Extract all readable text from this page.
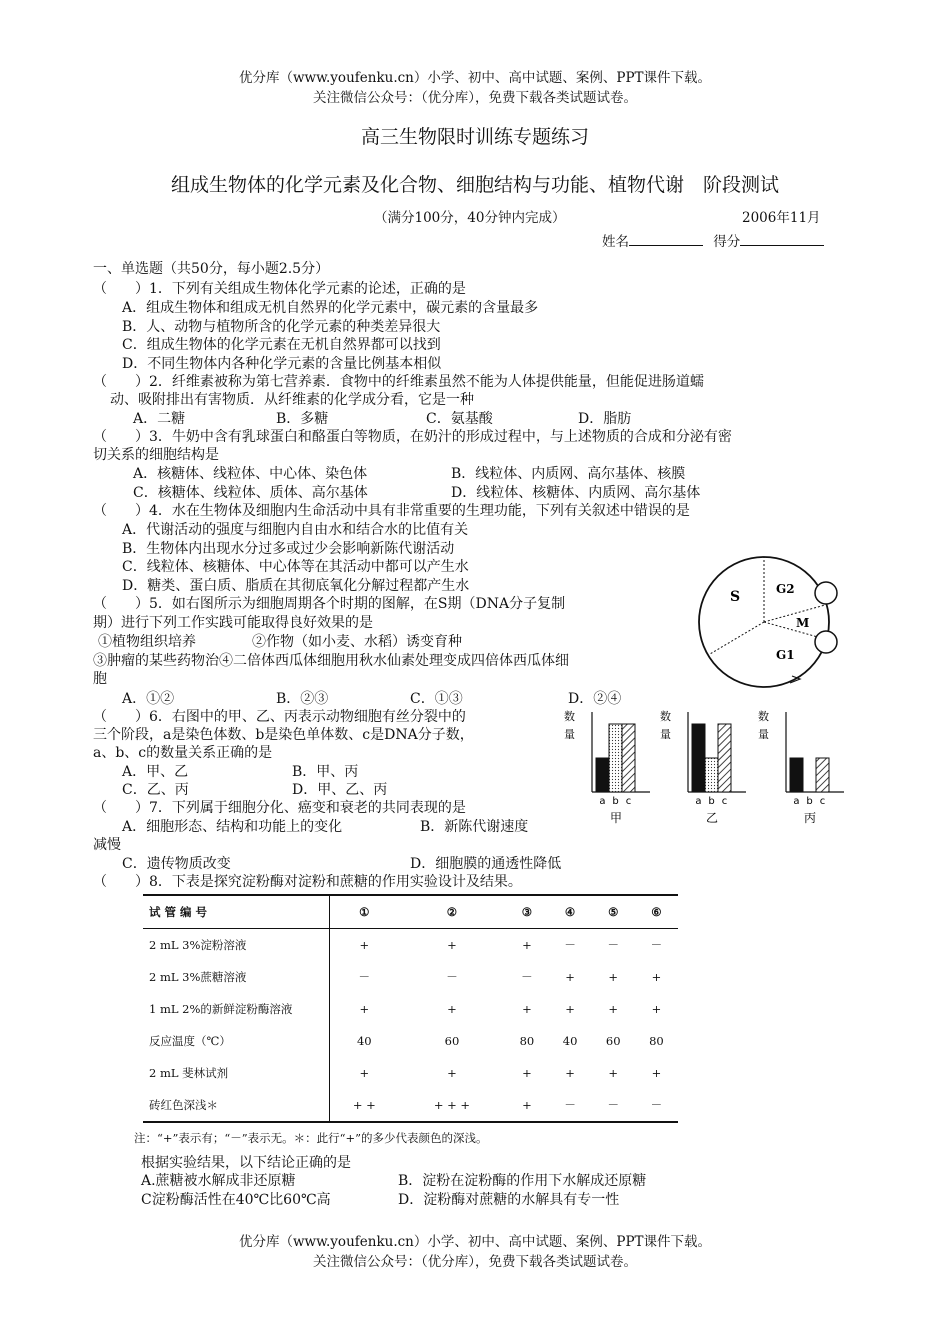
优分库（www.youfenku.cn）小学、初中、高中试题、案例、PPT课件下载。
关注微信公众号：（优分库），免费下载各类试题试卷。
高三生物限时训练专题练习
组成生物体的化学元素及化合物、细胞结构与功能、植物代谢　阶段测试
（满分100分，40分钟内完成）	2006年11月
姓名	得分
一、单选题（共50分，每小题2.5分）
（　　）1．下列有关组成生物体化学元素的论述，正确的是
A．组成生物体和组成无机自然界的化学元素中，碳元素的含量最多
B．人、动物与植物所含的化学元素的种类差异很大
C．组成生物体的化学元素在无机自然界都可以找到
D．不同生物体内各种化学元素的含量比例基本相似
（　　）2．纤维素被称为第七营养素．食物中的纤维素虽然不能为人体提供能量，但能促进肠道蠕
动、吸附排出有害物质．从纤维素的化学成分看，它是一种
A．二糖	B．多糖	C．氨基酸	D．脂肪
（　　）3．牛奶中含有乳球蛋白和酪蛋白等物质，在奶汁的形成过程中，与上述物质的合成和分泌有密
切关系的细胞结构是
A．核糖体、线粒体、中心体、染色体	B．线粒体、内质网、高尔基体、核膜
C．核糖体、线粒体、质体、高尔基体	D．线粒体、核糖体、内质网、高尔基体
（　　）4．水在生物体及细胞内生命活动中具有非常重要的生理功能，下列有关叙述中错误的是
A．代谢活动的强度与细胞内自由水和结合水的比值有关
B．生物体内出现水分过多或过少会影响新陈代谢活动
C．线粒体、核糖体、中心体等在其活动中都可以产生水
D．糖类、蛋白质、脂质在其彻底氧化分解过程都产生水
S	G2
M
G1
（　　）5．如右图所示为细胞周期各个时期的图解，在S期（DNA分子复制
期）进行下列工作实践可能取得良好效果的是
①植物组织培养　　　　②作物（如小麦、水稻）诱变育种
③肿瘤的某些药物治④二倍体西瓜体细胞用秋水仙素处理变成四倍体西瓜体细
胞
A．①②	B．②③	C．①③	D．②④
（　　）6．右图中的甲、乙、丙表示动物细胞有丝分裂中的
三个阶段，a是染色体数、b是染色单体数、c是DNA分子数，
a、b、c的数量关系正确的是
A．甲、乙	B．甲、丙
C．乙、丙	D．甲、乙、丙
数
量
a b c
甲
数
量
a b c
乙
数
量
a b c
丙
（　　）7．下列属于细胞分化、癌变和衰老的共同表现的是
A．细胞形态、结构和功能上的变化	B．新陈代谢速度
减慢
C．遗传物质改变	D．细胞膜的通透性降低
（　　）8．下表是探究淀粉酶对淀粉和蔗糖的作用实验设计及结果。
试 管 编 号	①	②	③	④	⑤	⑥
2 mL 3%淀粉溶液	+	+	+	－	－	－
2 mL 3%蔗糖溶液	－	－	－	+	+	+
1 mL 2%的新鲜淀粉酶溶液	+	+	+	+	+	+
反应温度（℃）	40	60	80	40	60	80
2 mL 斐林试剂	+	+	+	+	+	+
砖红色深浅＊	+ +	+ + +	+	－	－	－
注：“+”表示有；“－”表示无。＊：此行“+”的多少代表颜色的深浅。
根据实验结果，以下结论正确的是
A.蔗糖被水解成非还原糖	B．淀粉在淀粉酶的作用下水解成还原糖
C淀粉酶活性在40℃比60℃高	D．淀粉酶对蔗糖的水解具有专一性
优分库（www.youfenku.cn）小学、初中、高中试题、案例、PPT课件下载。
关注微信公众号：（优分库），免费下载各类试题试卷。
